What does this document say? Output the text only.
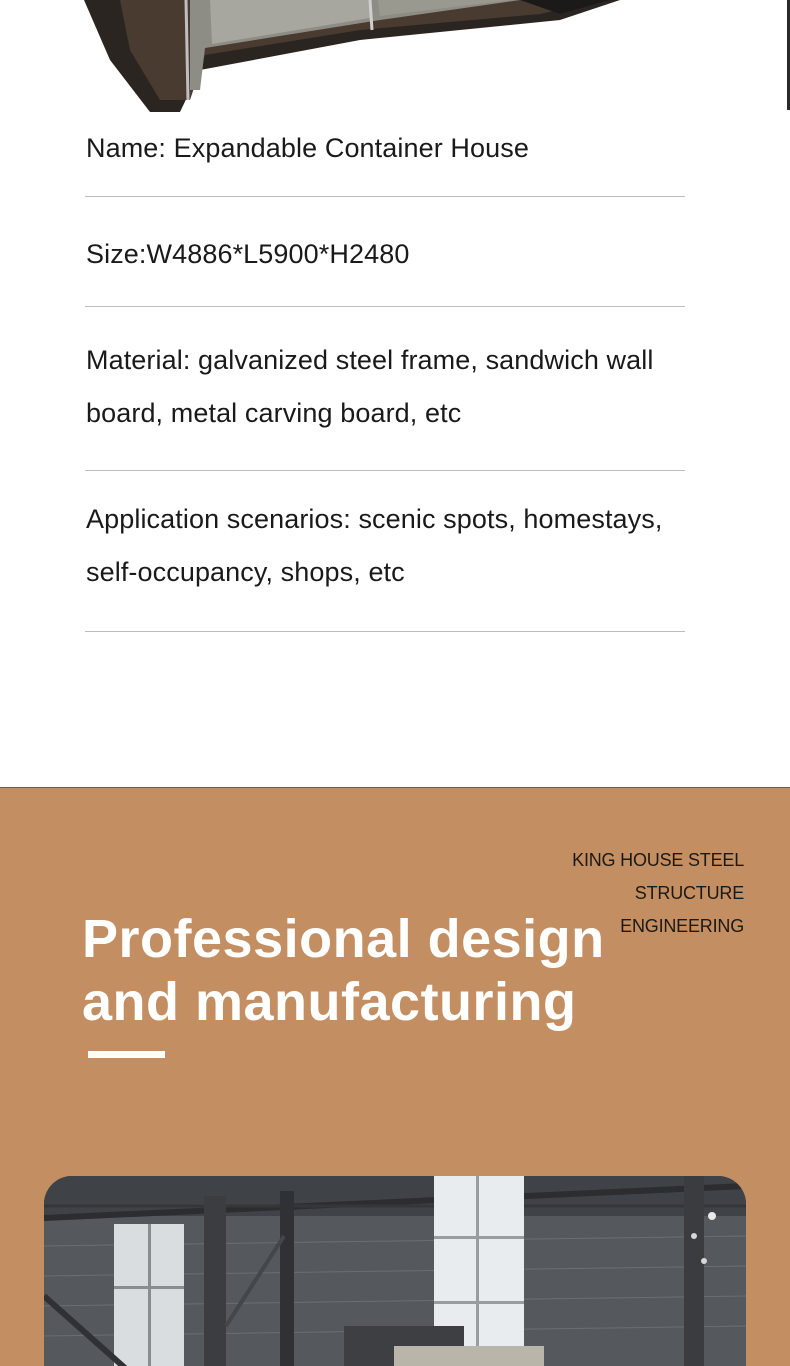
Name: Expandable Container House
Size:W4886*L5900*H2480
Material: galvanized steel frame, sandwich wall
board, metal carving board, etc
Application scenarios: scenic spots, homestays,
self-occupancy, shops, etc
KING HOUSE STEEL
STRUCTURE
ENGINEERING
Professional design
and manufacturing
